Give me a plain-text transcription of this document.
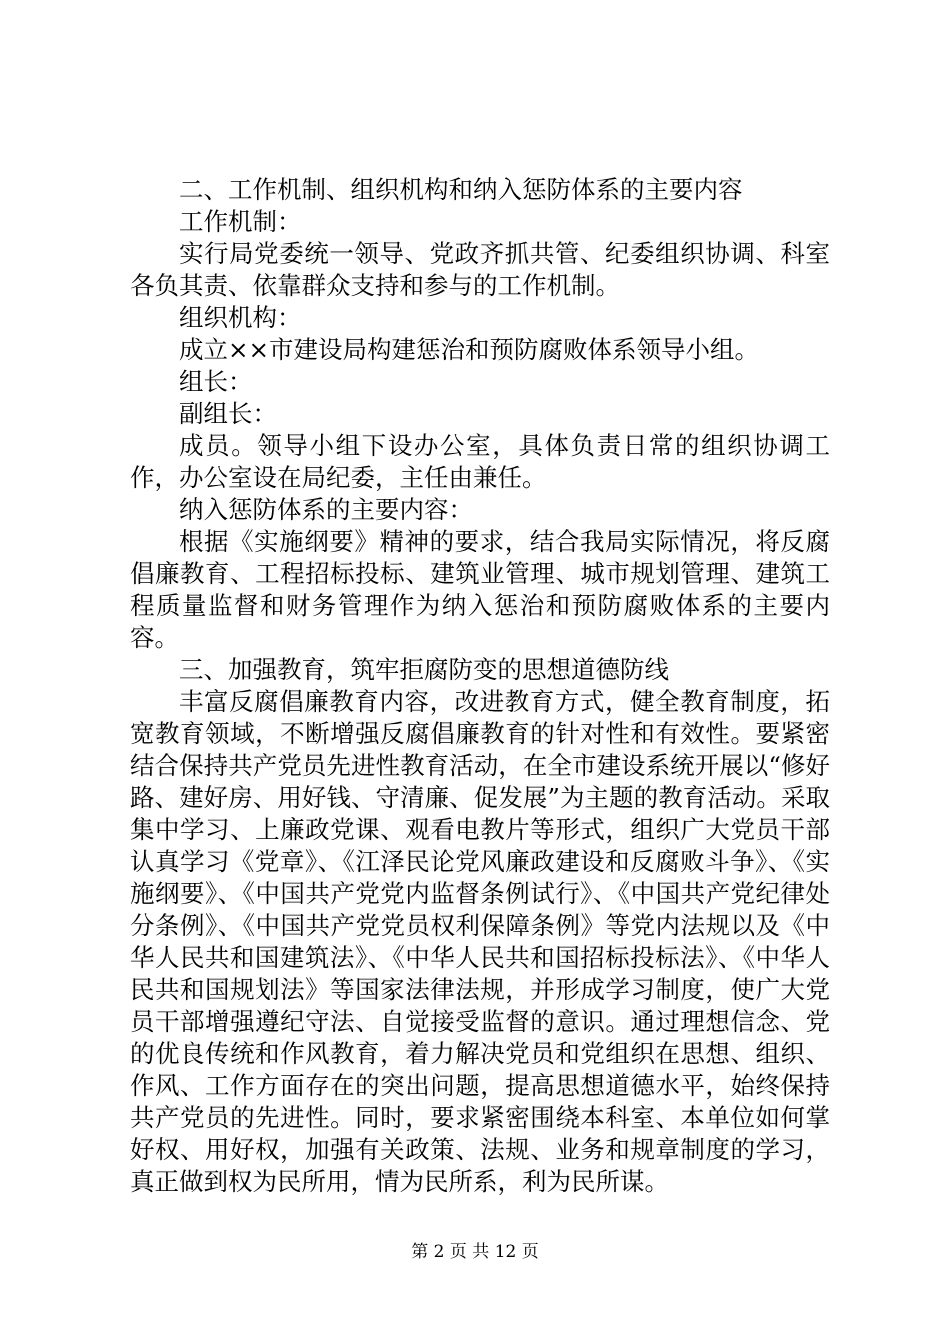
二、工作机制、组织机构和纳入惩防体系的主要内容

工作机制：

实行局党委统一领导、党政齐抓共管、纪委组织协调、科室各负其责、依靠群众支持和参与的工作机制。

组织机构：

成立××市建设局构建惩治和预防腐败体系领导小组。

组长：

副组长：

成员。领导小组下设办公室，具体负责日常的组织协调工作，办公室设在局纪委，主任由兼任。

纳入惩防体系的主要内容：

根据《实施纲要》精神的要求，结合我局实际情况，将反腐倡廉教育、工程招标投标、建筑业管理、城市规划管理、建筑工程质量监督和财务管理作为纳入惩治和预防腐败体系的主要内容。

三、加强教育，筑牢拒腐防变的思想道德防线

丰富反腐倡廉教育内容，改进教育方式，健全教育制度，拓宽教育领域，不断增强反腐倡廉教育的针对性和有效性。要紧密结合保持共产党员先进性教育活动，在全市建设系统开展以“修好路、建好房、用好钱、守清廉、促发展”为主题的教育活动。采取集中学习、上廉政党课、观看电教片等形式，组织广大党员干部认真学习《党章》、《江泽民论党风廉政建设和反腐败斗争》、《实施纲要》、《中国共产党党内监督条例试行》、《中国共产党纪律处分条例》、《中国共产党党员权利保障条例》等党内法规以及《中华人民共和国建筑法》、《中华人民共和国招标投标法》、《中华人民共和国规划法》等国家法律法规，并形成学习制度，使广大党员干部增强遵纪守法、自觉接受监督的意识。通过理想信念、党的优良传统和作风教育，着力解决党员和党组织在思想、组织、作风、工作方面存在的突出问题，提高思想道德水平，始终保持共产党员的先进性。同时，要求紧密围绕本科室、本单位如何掌好权、用好权，加强有关政策、法规、业务和规章制度的学习，真正做到权为民所用，情为民所系，利为民所谋。

第 2 页 共 12 页
